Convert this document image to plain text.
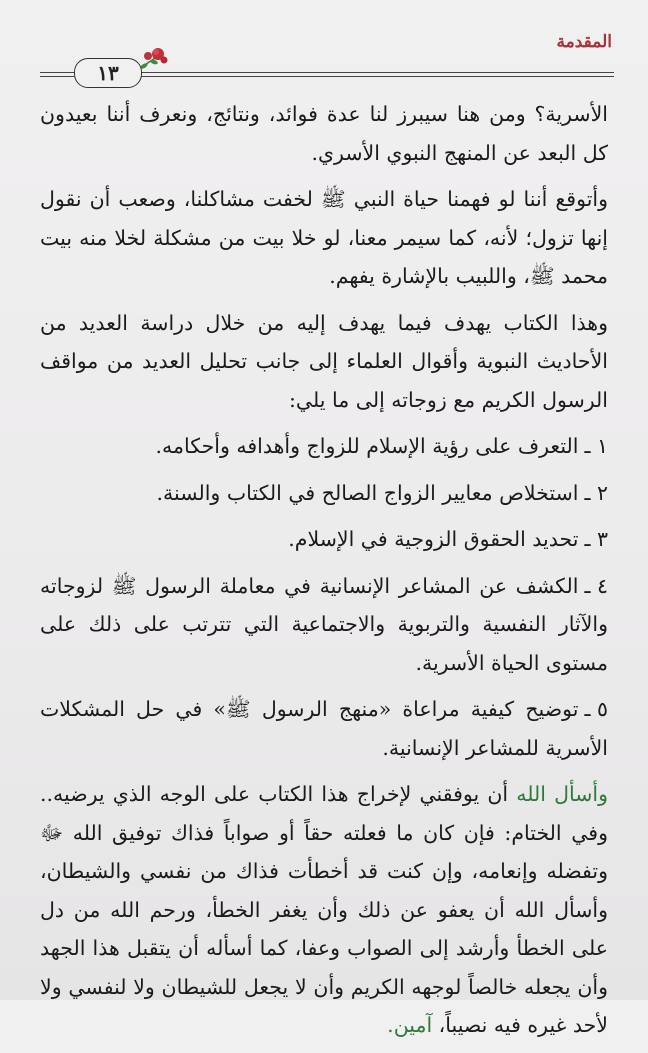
المقدمة
١٣

الأسرية؟ ومن هنا سيبرز لنا عدة فوائد، ونتائج، ونعرف أننا بعيدون كل البعد عن المنهج النبوي الأسري.

وأتوقع أننا لو فهمنا حياة النبي ﷺ لخفت مشاكلنا، وصعب أن نقول إنها تزول؛ لأنه، كما سيمر معنا، لو خلا بيت من مشكلة لخلا منه بيت محمد ﷺ، واللبيب بالإشارة يفهم.

وهذا الكتاب يهدف فيما يهدف إليه من خلال دراسة العديد من الأحاديث النبوية وأقوال العلماء إلى جانب تحليل العديد من مواقف الرسول الكريم مع زوجاته إلى ما يلي:

١ ـالتعرف على رؤية الإسلام للزواج وأهدافه وأحكامه.

٢ ـاستخلاص معايير الزواج الصالح في الكتاب والسنة.

٣ ـتحديد الحقوق الزوجية في الإسلام.

٤ ـالكشف عن المشاعر الإنسانية في معاملة الرسول ﷺ لزوجاته والآثار النفسية والتربوية والاجتماعية التي تترتب على ذلك على مستوى الحياة الأسرية.

٥ ـتوضيح كيفية مراعاة «منهج الرسول ﷺ» في حل المشكلات الأسرية للمشاعر الإنسانية.

وأسأل الله أن يوفقني لإخراج هذا الكتاب على الوجه الذي يرضيه.. وفي الختام: فإن كان ما فعلته حقاً أو صواباً فذاك توفيق الله ﷻ وتفضله وإنعامه، وإن كنت قد أخطأت فذاك من نفسي والشيطان، وأسأل الله أن يعفو عن ذلك وأن يغفر الخطأ، ورحم الله من دل على الخطأ وأرشد إلى الصواب وعفا، كما أسأله أن يتقبل هذا الجهد وأن يجعله خالصاً لوجهه الكريم وأن لا يجعل للشيطان ولا لنفسي ولا لأحد غيره فيه نصيباً، آمين.
